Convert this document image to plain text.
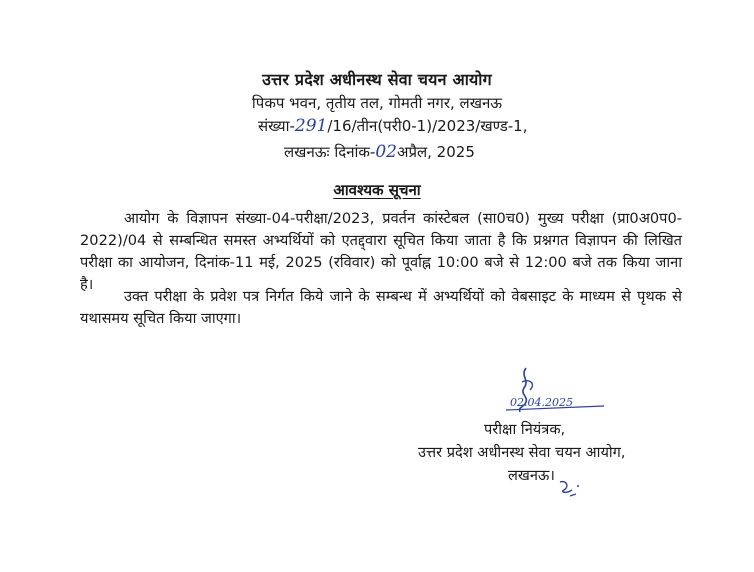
उत्तर प्रदेश अधीनस्थ सेवा चयन आयोग
पिकप भवन, तृतीय तल, गोमती नगर, लखनऊ
संख्या-291/16/तीन(परी0-1)/2023/खण्ड-1,
लखनऊः दिनांक-02अप्रैल, 2025
आवश्यक सूचना
आयोग के विज्ञापन संख्या-04-परीक्षा/2023, प्रवर्तन कांस्टेबल (सा0च0) मुख्य परीक्षा (प्रा0अ0प0-2022)/04 से सम्बन्धित समस्त अभ्यर्थियों को एतद्द्वारा सूचित किया जाता है कि प्रश्नगत विज्ञापन की लिखित परीक्षा का आयोजन, दिनांक-11 मई, 2025 (रविवार) को पूर्वाह्न 10:00 बजे से 12:00 बजे तक किया जाना है।
उक्त परीक्षा के प्रवेश पत्र निर्गत किये जाने के सम्बन्ध में अभ्यर्थियों को वेबसाइट के माध्यम से पृथक से यथासमय सूचित किया जाएगा।
02.04.2025
परीक्षा नियंत्रक,
उत्तर प्रदेश अधीनस्थ सेवा चयन आयोग,
लखनऊ।
